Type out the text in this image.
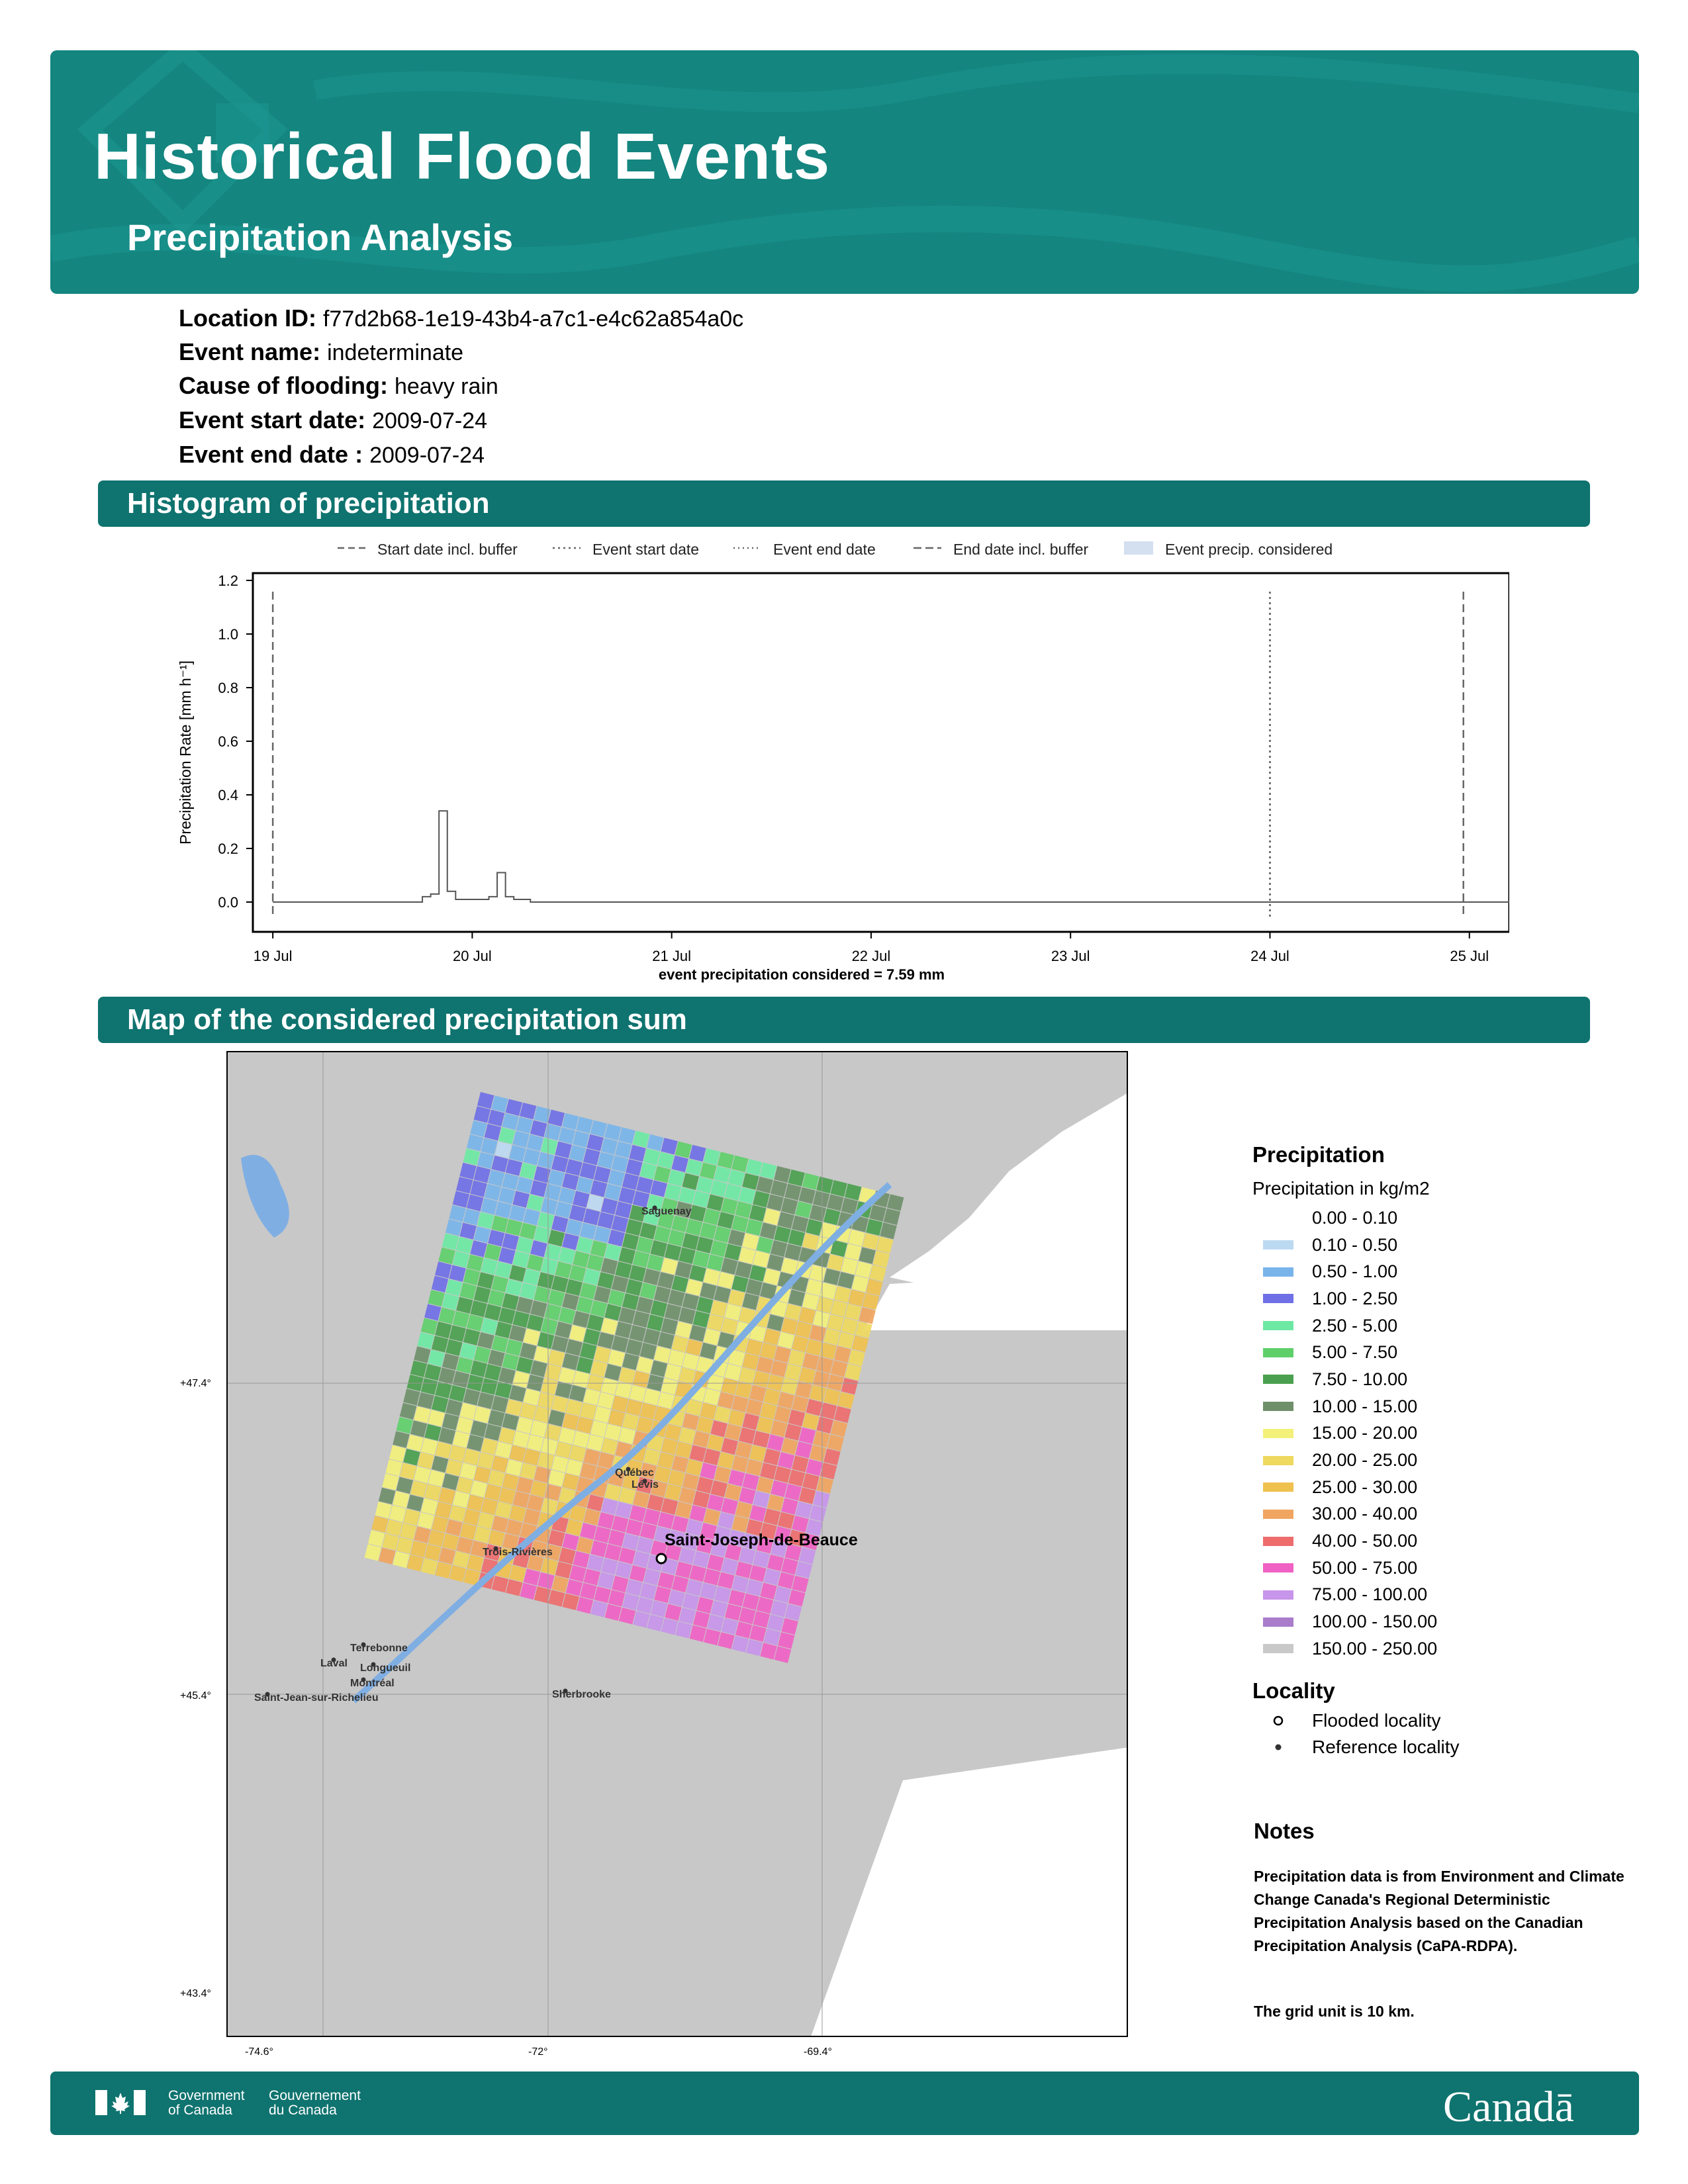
Historical Flood Events
Precipitation Analysis
Location ID: f77d2b68-1e19-43b4-a7c1-e4c62a854a0c
Event name: indeterminate
Cause of flooding: heavy rain
Event start date: 2009-07-24
Event end date : 2009-07-24
Histogram of precipitation
Start date incl. buffer	Event start date	Event end date	End date incl. buffer	Event precip. considered
0.0
0.2
0.4
0.6
0.8
1.0
1.2
19 Jul	20 Jul	21 Jul	22 Jul	23 Jul	24 Jul	25 Jul
Precipitation Rate [mm h⁻¹]
event precipitation considered = 7.59 mm
Map of the considered precipitation sum
Saguenay
Québec
Lévis
Trois-Rivières
Terrebonne
Laval Longueuil
Montréal
Saint-Jean-sur-Richelieu	Sherbrooke
Saint-Joseph-de-Beauce
+47.4°
+45.4°
+43.4°
-74.6°	-72°	-69.4°
Precipitation
Precipitation in kg/m2
0.00 - 0.10
0.10 - 0.50
0.50 - 1.00
1.00 - 2.50
2.50 - 5.00
5.00 - 7.50
7.50 - 10.00
10.00 - 15.00
15.00 - 20.00
20.00 - 25.00
25.00 - 30.00
30.00 - 40.00
40.00 - 50.00
50.00 - 75.00
75.00 - 100.00
100.00 - 150.00
150.00 - 250.00
Locality
Flooded locality
Reference locality
Notes
Precipitation data is from Environment and Climate Change Canada's Regional Deterministic Precipitation Analysis based on the Canadian Precipitation Analysis (CaPA-RDPA).
The grid unit is 10 km.
Government
of Canada
Gouvernement
du Canada	Canadā
